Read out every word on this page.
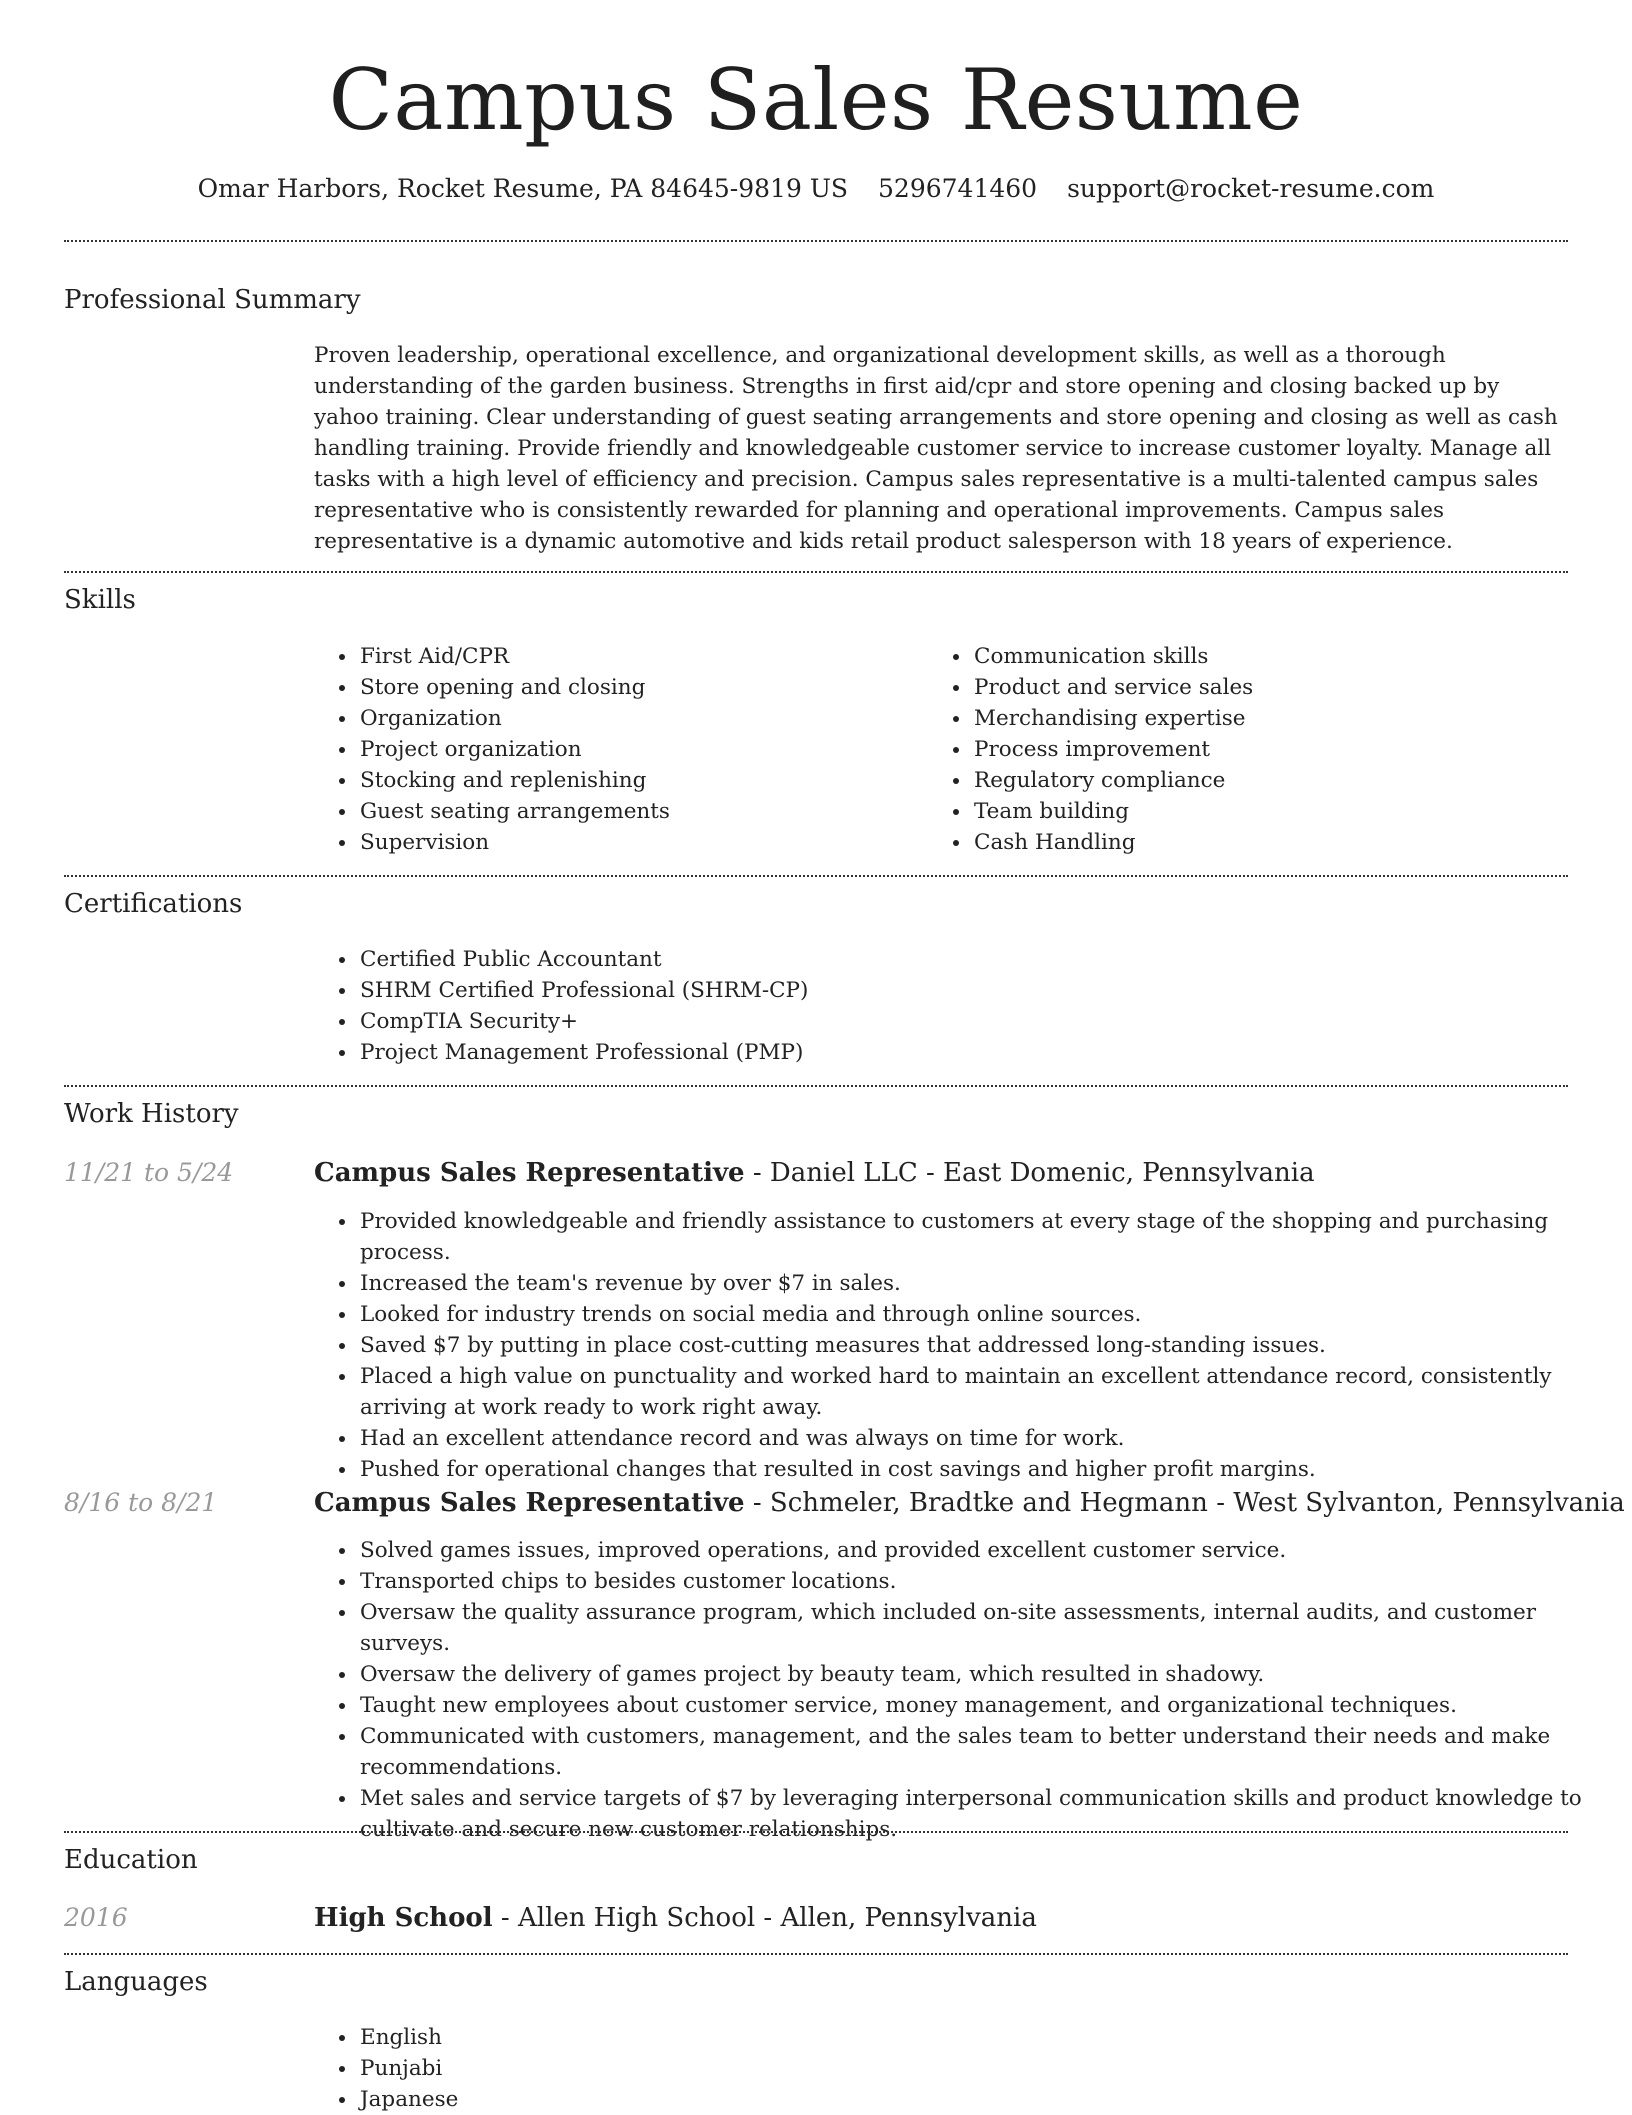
Campus Sales Resume
Omar Harbors, Rocket Resume, PA 84645-9819 US 5296741460 support@rocket-resume.com
Professional Summary
Proven leadership, operational excellence, and organizational development skills, as well as a thorough understanding of the garden business. Strengths in first aid/cpr and store opening and closing backed up by yahoo training. Clear understanding of guest seating arrangements and store opening and closing as well as cash handling training. Provide friendly and knowledgeable customer service to increase customer loyalty. Manage all tasks with a high level of efficiency and precision. Campus sales representative is a multi-talented campus sales representative who is consistently rewarded for planning and operational improvements. Campus sales representative is a dynamic automotive and kids retail product salesperson with 18 years of experience.
Skills
• First Aid/CPR
• Store opening and closing
• Organization
• Project organization
• Stocking and replenishing
• Guest seating arrangements
• Supervision
• Communication skills
• Product and service sales
• Merchandising expertise
• Process improvement
• Regulatory compliance
• Team building
• Cash Handling
Certifications
• Certified Public Accountant
• SHRM Certified Professional (SHRM-CP)
• CompTIA Security+
• Project Management Professional (PMP)
Work History
11/21 to 5/24	Campus Sales Representative - Daniel LLC - East Domenic, Pennsylvania
• Provided knowledgeable and friendly assistance to customers at every stage of the shopping and purchasing process.
• Increased the team's revenue by over $7 in sales.
• Looked for industry trends on social media and through online sources.
• Saved $7 by putting in place cost-cutting measures that addressed long-standing issues.
• Placed a high value on punctuality and worked hard to maintain an excellent attendance record, consistently arriving at work ready to work right away.
• Had an excellent attendance record and was always on time for work.
• Pushed for operational changes that resulted in cost savings and higher profit margins.
8/16 to 8/21	Campus Sales Representative - Schmeler, Bradtke and Hegmann - West Sylvanton, Pennsylvania
• Solved games issues, improved operations, and provided excellent customer service.
• Transported chips to besides customer locations.
• Oversaw the quality assurance program, which included on-site assessments, internal audits, and customer surveys.
• Oversaw the delivery of games project by beauty team, which resulted in shadowy.
• Taught new employees about customer service, money management, and organizational techniques.
• Communicated with customers, management, and the sales team to better understand their needs and make recommendations.
• Met sales and service targets of $7 by leveraging interpersonal communication skills and product knowledge to cultivate and secure new customer relationships.
Education
2016	High School - Allen High School - Allen, Pennsylvania
Languages
• English
• Punjabi
• Japanese
